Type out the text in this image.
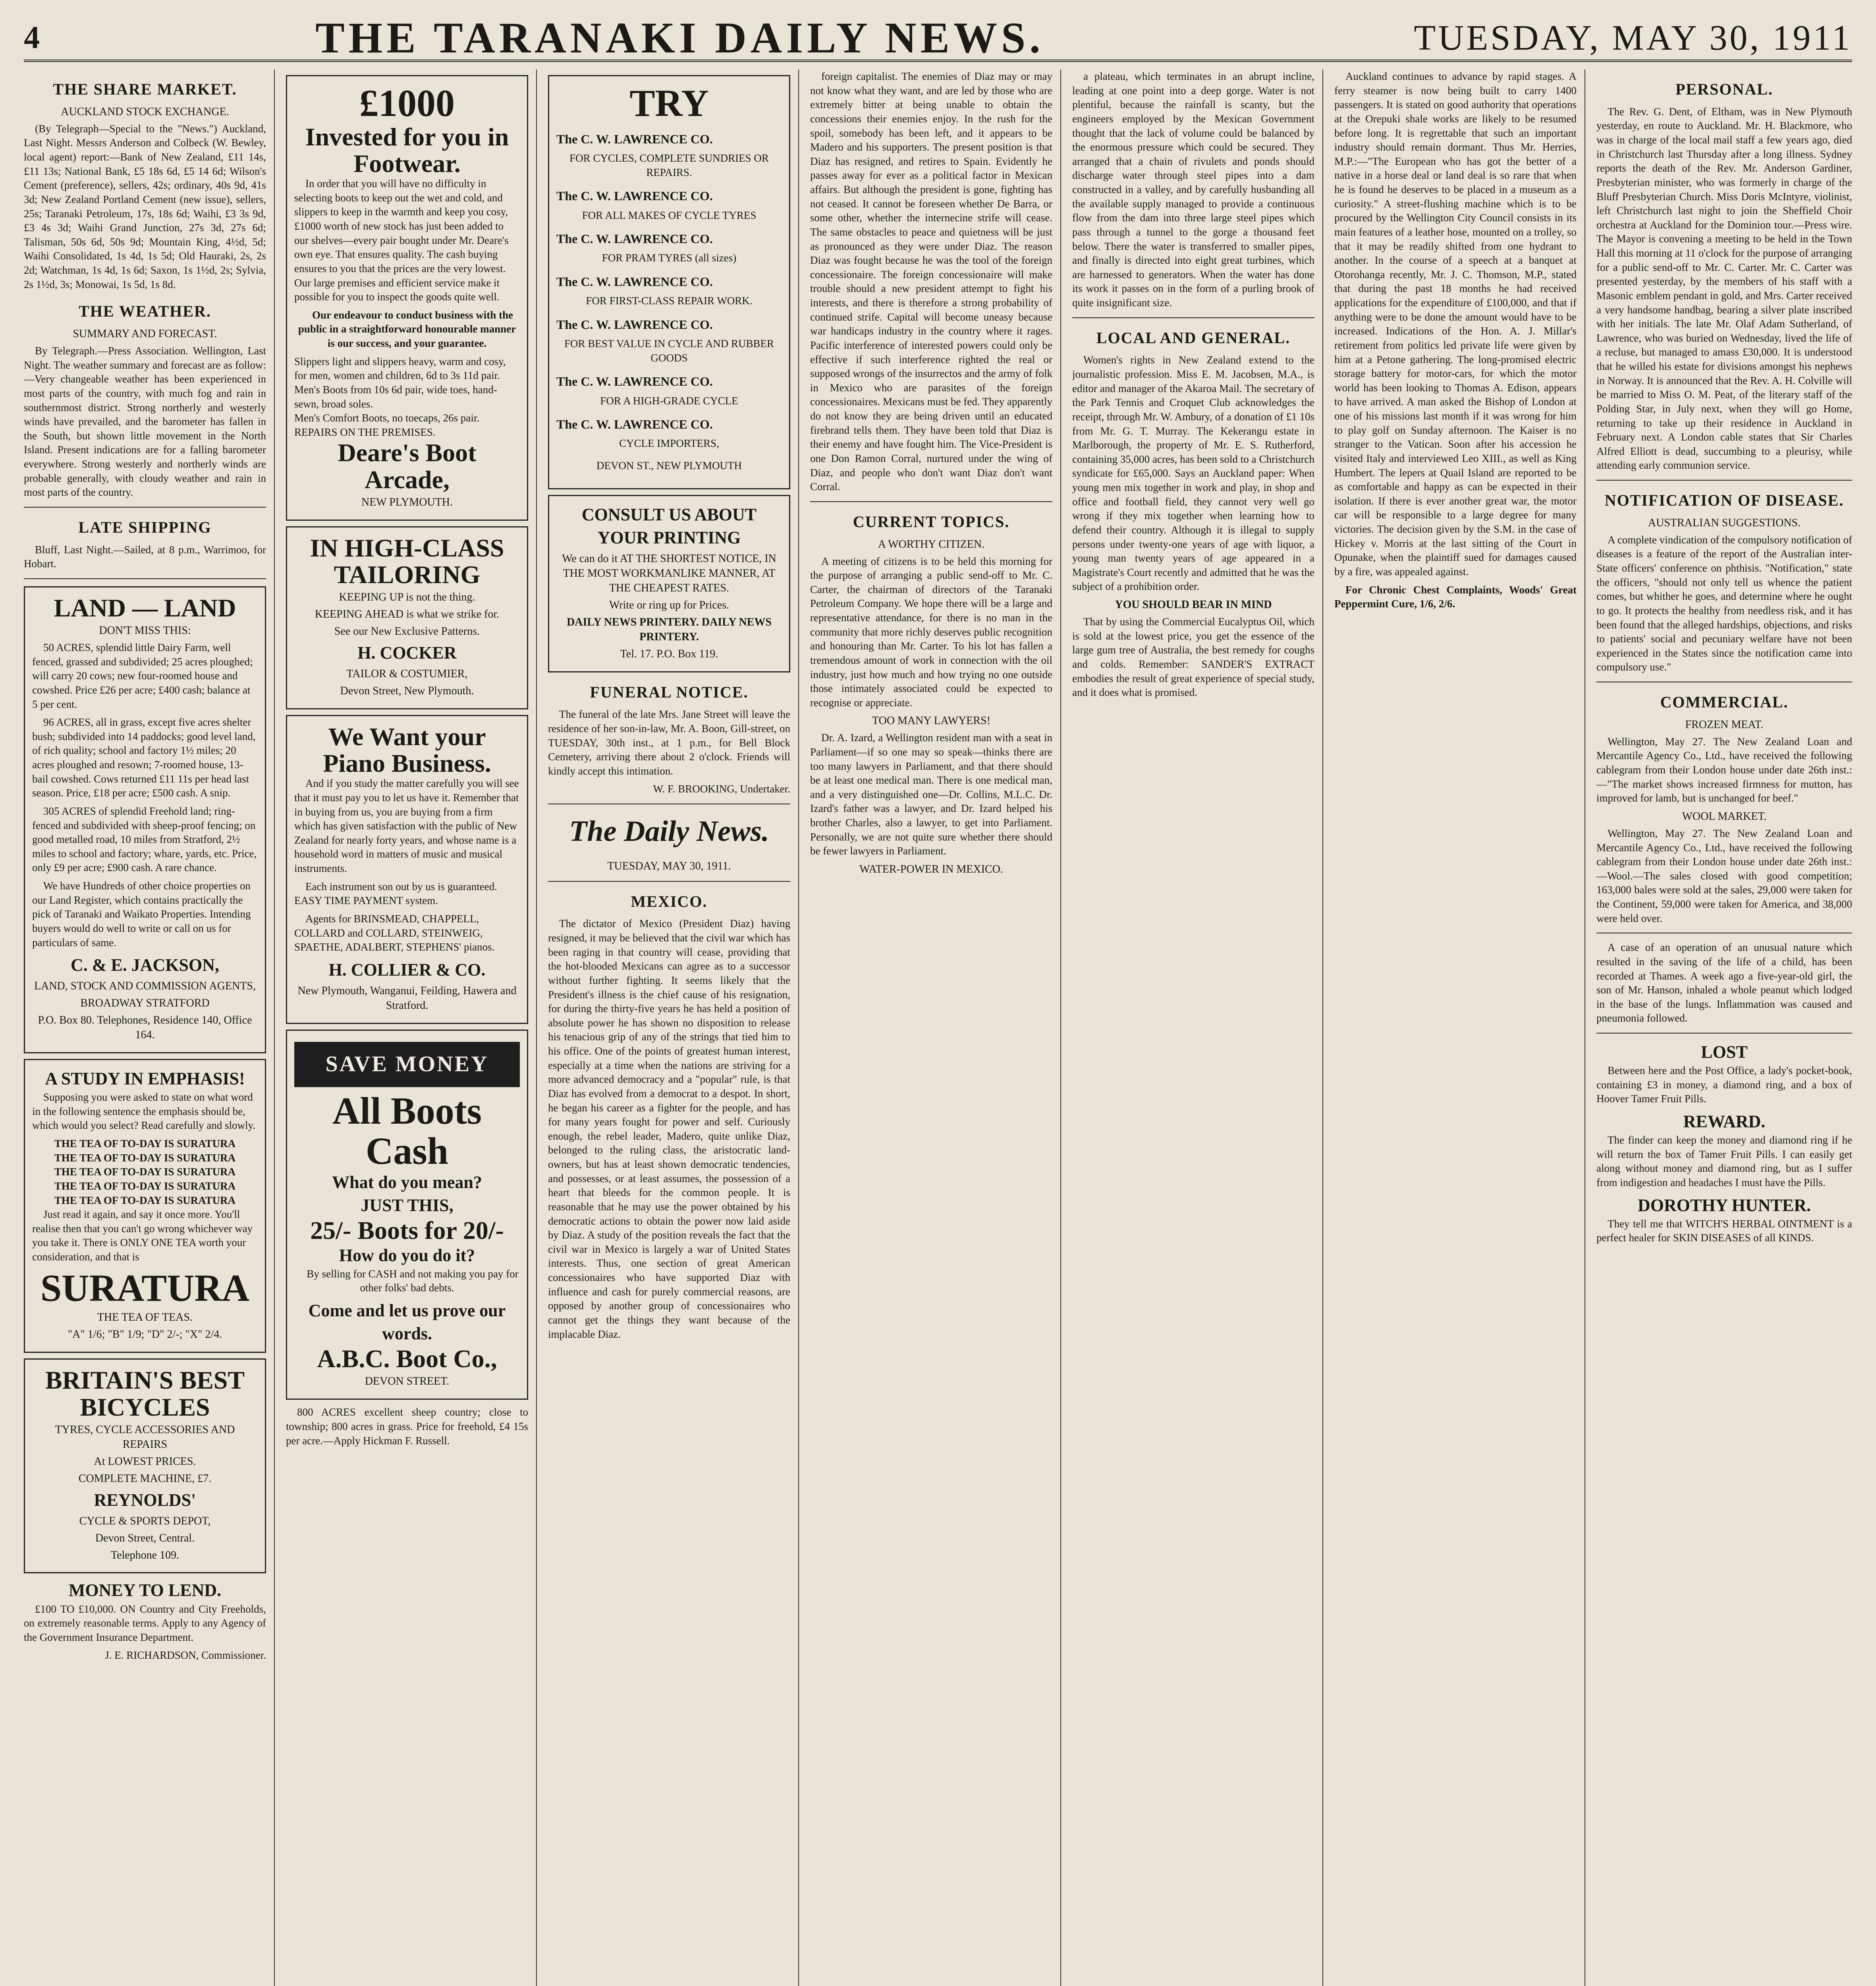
4	THE TARANAKI DAILY NEWS.	TUESDAY, MAY 30, 1911
THE SHARE MARKET.
AUCKLAND STOCK EXCHANGE.

(By Telegraph—Special to the "News.") Auckland, Last Night. Messrs Anderson and Colbeck (W. Bewley, local agent) report:—Bank of New Zealand, £11 14s, £11 13s; National Bank, £5 18s 6d, £5 14 6d; Wilson's Cement (preference), sellers, 42s; ordinary, 40s 9d, 41s 3d; New Zealand Portland Cement (new issue), sellers, 25s; Taranaki Petroleum, 17s, 18s 6d; Waihi, £3 3s 9d, £3 4s 3d; Waihi Grand Junction, 27s 3d, 27s 6d; Talisman, 50s 6d, 50s 9d; Mountain King, 4½d, 5d; Waihi Consolidated, 1s 4d, 1s 5d; Old Hauraki, 2s, 2s 2d; Watchman, 1s 4d, 1s 6d; Saxon, 1s 1½d, 2s; Sylvia, 2s 1½d, 3s; Monowai, 1s 5d, 1s 8d.

THE WEATHER.
SUMMARY AND FORECAST.

By Telegraph.—Press Association. Wellington, Last Night. The weather summary and forecast are as follow:—Very changeable weather has been experienced in most parts of the country, with much fog and rain in southernmost district. Strong northerly and westerly winds have prevailed, and the barometer has fallen in the South, but shown little movement in the North Island. Present indications are for a falling barometer everywhere. Strong westerly and northerly winds are probable generally, with cloudy weather and rain in most parts of the country.

LATE SHIPPING

Bluff, Last Night.—Sailed, at 8 p.m., Warrimoo, for Hobart.

LAND — LAND
DON'T MISS THIS:

50 ACRES, splendid little Dairy Farm, well fenced, grassed and subdivided; 25 acres ploughed; will carry 20 cows; new four-roomed house and cowshed. Price £26 per acre; £400 cash; balance at 5 per cent.

96 ACRES, all in grass, except five acres shelter bush; subdivided into 14 paddocks; good level land, of rich quality; school and factory 1½ miles; 20 acres ploughed and resown; 7-roomed house, 13-bail cowshed. Cows returned £11 11s per head last season. Price, £18 per acre; £500 cash. A snip.

305 ACRES of splendid Freehold land; ring-fenced and subdivided with sheep-proof fencing; on good metalled road, 10 miles from Stratford, 2½ miles to school and factory; whare, yards, etc. Price, only £9 per acre; £900 cash. A rare chance.

We have Hundreds of other choice properties on our Land Register, which contains practically the pick of Taranaki and Waikato Properties. Intending buyers would do well to write or call on us for particulars of same.

C. & E. JACKSON,
LAND, STOCK AND COMMISSION AGENTS,
BROADWAY STRATFORD
P.O. Box 80. Telephones, Residence 140, Office 164.
A STUDY IN EMPHASIS!

Supposing you were asked to state on what word in the following sentence the emphasis should be, which would you select? Read carefully and slowly.

THE TEA OF TO-DAY IS SURATURA
THE TEA OF TO-DAY IS SURATURA
THE TEA OF TO-DAY IS SURATURA
THE TEA OF TO-DAY IS SURATURA
THE TEA OF TO-DAY IS SURATURA

Just read it again, and say it once more. You'll realise then that you can't go wrong whichever way you take it. There is ONLY ONE TEA worth your consideration, and that is

SURATURA
THE TEA OF TEAS.
"A" 1/6; "B" 1/9; "D" 2/-; "X" 2/4.
BRITAIN'S BEST BICYCLES
TYRES, CYCLE ACCESSORIES AND REPAIRS
At LOWEST PRICES.
COMPLETE MACHINE, £7.
REYNOLDS'
CYCLE & SPORTS DEPOT,
Devon Street, Central.
Telephone 109.
MONEY TO LEND.

£100 TO £10,000. ON Country and City Freeholds, on extremely reasonable terms. Apply to any Agency of the Government Insurance Department.

J. E. RICHARDSON, Commissioner.
£1000
Invested for you in Footwear.

In order that you will have no difficulty in selecting boots to keep out the wet and cold, and slippers to keep in the warmth and keep you cosy, £1000 worth of new stock has just been added to our shelves—every pair bought under Mr. Deare's own eye. That ensures quality. The cash buying ensures to you that the prices are the very lowest. Our large premises and efficient service make it possible for you to inspect the goods quite well.

Our endeavour to conduct business with the public in a straightforward honourable manner is our success, and your guarantee.

Slippers light and slippers heavy, warm and cosy, for men, women and children, 6d to 3s 11d pair.
Men's Boots from 10s 6d pair, wide toes, hand-sewn, broad soles.
Men's Comfort Boots, no toecaps, 26s pair.
REPAIRS ON THE PREMISES.
Deare's Boot Arcade,
NEW PLYMOUTH.
IN HIGH-CLASS TAILORING
KEEPING UP is not the thing.
KEEPING AHEAD is what we strike for.
See our New Exclusive Patterns.
H. COCKER
TAILOR & COSTUMIER,
Devon Street, New Plymouth.
We Want your Piano Business.

And if you study the matter carefully you will see that it must pay you to let us have it. Remember that in buying from us, you are buying from a firm which has given satisfaction with the public of New Zealand for nearly forty years, and whose name is a household word in matters of music and musical instruments.

Each instrument son out by us is guaranteed. EASY TIME PAYMENT system.

Agents for BRINSMEAD, CHAPPELL, COLLARD and COLLARD, STEINWEIG, SPAETHE, ADALBERT, STEPHENS' pianos.

H. COLLIER & CO.
New Plymouth, Wanganui, Feilding, Hawera and Stratford.
SAVE MONEY
All Boots Cash
What do you mean?
JUST THIS,
25/- Boots for 20/-
How do you do it?

By selling for CASH and not making you pay for other folks' bad debts.

Come and let us prove our words.
A.B.C. Boot Co.,
DEVON STREET.

800 ACRES excellent sheep country; close to township; 800 acres in grass. Price for freehold, £4 15s per acre.—Apply Hickman F. Russell.

TRY
The C. W. LAWRENCE CO.
FOR CYCLES, COMPLETE SUNDRIES OR REPAIRS.
The C. W. LAWRENCE CO.
FOR ALL MAKES OF CYCLE TYRES
The C. W. LAWRENCE CO.
FOR PRAM TYRES (all sizes)
The C. W. LAWRENCE CO.
FOR FIRST-CLASS REPAIR WORK.
The C. W. LAWRENCE CO.
FOR BEST VALUE IN CYCLE AND RUBBER GOODS
The C. W. LAWRENCE CO.
FOR A HIGH-GRADE CYCLE
The C. W. LAWRENCE CO.
CYCLE IMPORTERS,
DEVON ST., NEW PLYMOUTH
CONSULT US ABOUT YOUR PRINTING
We can do it AT THE SHORTEST NOTICE, IN THE MOST WORKMANLIKE MANNER, AT THE CHEAPEST RATES.
Write or ring up for Prices.
DAILY NEWS PRINTERY. DAILY NEWS PRINTERY.
Tel. 17. P.O. Box 119.
FUNERAL NOTICE.

The funeral of the late Mrs. Jane Street will leave the residence of her son-in-law, Mr. A. Boon, Gill-street, on TUESDAY, 30th inst., at 1 p.m., for Bell Block Cemetery, arriving there about 2 o'clock. Friends will kindly accept this intimation.

W. F. BROOKING, Undertaker.
The Daily News.
TUESDAY, MAY 30, 1911.
MEXICO.

The dictator of Mexico (President Diaz) having resigned, it may be believed that the civil war which has been raging in that country will cease, providing that the hot-blooded Mexicans can agree as to a successor without further fighting. It seems likely that the President's illness is the chief cause of his resignation, for during the thirty-five years he has held a position of absolute power he has shown no disposition to release his tenacious grip of any of the strings that tied him to his office. One of the points of greatest human interest, especially at a time when the nations are striving for a more advanced democracy and a "popular" rule, is that Diaz has evolved from a democrat to a despot. In short, he began his career as a fighter for the people, and has for many years fought for power and self. Curiously enough, the rebel leader, Madero, quite unlike Diaz, belonged to the ruling class, the aristocratic land-owners, but has at least shown democratic tendencies, and possesses, or at least assumes, the possession of a heart that bleeds for the common people. It is reasonable that he may use the power obtained by his democratic actions to obtain the power now laid aside by Diaz. A study of the position reveals the fact that the civil war in Mexico is largely a war of United States interests. Thus, one section of great American concessionaires who have supported Diaz with influence and cash for purely commercial reasons, are opposed by another group of concessionaires who cannot get the things they want because of the implacable Diaz.

foreign capitalist. The enemies of Diaz may or may not know what they want, and are led by those who are extremely bitter at being unable to obtain the concessions their enemies enjoy. In the rush for the spoil, somebody has been left, and it appears to be Madero and his supporters. The present position is that Diaz has resigned, and retires to Spain. Evidently he passes away for ever as a political factor in Mexican affairs. But although the president is gone, fighting has not ceased. It cannot be foreseen whether De Barra, or some other, whether the internecine strife will cease. The same obstacles to peace and quietness will be just as pronounced as they were under Diaz. The reason Diaz was fought because he was the tool of the foreign concessionaire. The foreign concessionaire will make trouble should a new president attempt to fight his interests, and there is therefore a strong probability of continued strife. Capital will become uneasy because war handicaps industry in the country where it rages. Pacific interference of interested powers could only be effective if such interference righted the real or supposed wrongs of the insurrectos and the army of folk in Mexico who are parasites of the foreign concessionaires. Mexicans must be fed. They apparently do not know they are being driven until an educated firebrand tells them. They have been told that Diaz is their enemy and have fought him. The Vice-President is one Don Ramon Corral, nurtured under the wing of Diaz, and people who don't want Diaz don't want Corral.

CURRENT TOPICS.
A WORTHY CITIZEN.

A meeting of citizens is to be held this morning for the purpose of arranging a public send-off to Mr. C. Carter, the chairman of directors of the Taranaki Petroleum Company. We hope there will be a large and representative attendance, for there is no man in the community that more richly deserves public recognition and honouring than Mr. Carter. To his lot has fallen a tremendous amount of work in connection with the oil industry, just how much and how trying no one outside those intimately associated could be expected to recognise or appreciate.

TOO MANY LAWYERS!

Dr. A. Izard, a Wellington resident man with a seat in Parliament—if so one may so speak—thinks there are too many lawyers in Parliament, and that there should be at least one medical man. There is one medical man, and a very distinguished one—Dr. Collins, M.L.C. Dr. Izard's father was a lawyer, and Dr. Izard helped his brother Charles, also a lawyer, to get into Parliament. Personally, we are not quite sure whether there should be fewer lawyers in Parliament.

WATER-POWER IN MEXICO.

a plateau, which terminates in an abrupt incline, leading at one point into a deep gorge. Water is not plentiful, because the rainfall is scanty, but the engineers employed by the Mexican Government thought that the lack of volume could be balanced by the enormous pressure which could be secured. They arranged that a chain of rivulets and ponds should discharge water through steel pipes into a dam constructed in a valley, and by carefully husbanding all the available supply managed to provide a continuous flow from the dam into three large steel pipes which pass through a tunnel to the gorge a thousand feet below. There the water is transferred to smaller pipes, and finally is directed into eight great turbines, which are harnessed to generators. When the water has done its work it passes on in the form of a purling brook of quite insignificant size.

LOCAL AND GENERAL.

Women's rights in New Zealand extend to the journalistic profession. Miss E. M. Jacobsen, M.A., is editor and manager of the Akaroa Mail. The secretary of the Park Tennis and Croquet Club acknowledges the receipt, through Mr. W. Ambury, of a donation of £1 10s from Mr. G. T. Murray. The Kekerangu estate in Marlborough, the property of Mr. E. S. Rutherford, containing 35,000 acres, has been sold to a Christchurch syndicate for £65,000. Says an Auckland paper: When young men mix together in work and play, in shop and office and football field, they cannot very well go wrong if they mix together when learning how to defend their country. Although it is illegal to supply persons under twenty-one years of age with liquor, a young man twenty years of age appeared in a Magistrate's Court recently and admitted that he was the subject of a prohibition order.

YOU SHOULD BEAR IN MIND

That by using the Commercial Eucalyptus Oil, which is sold at the lowest price, you get the essence of the large gum tree of Australia, the best remedy for coughs and colds. Remember: SANDER'S EXTRACT embodies the result of great experience of special study, and it does what is promised.

Auckland continues to advance by rapid stages. A ferry steamer is now being built to carry 1400 passengers. It is stated on good authority that operations at the Orepuki shale works are likely to be resumed before long. It is regrettable that such an important industry should remain dormant. Thus Mr. Herries, M.P.:—"The European who has got the better of a native in a horse deal or land deal is so rare that when he is found he deserves to be placed in a museum as a curiosity." A street-flushing machine which is to be procured by the Wellington City Council consists in its main features of a leather hose, mounted on a trolley, so that it may be readily shifted from one hydrant to another. In the course of a speech at a banquet at Otorohanga recently, Mr. J. C. Thomson, M.P., stated that during the past 18 months he had received applications for the expenditure of £100,000, and that if anything were to be done the amount would have to be increased. Indications of the Hon. A. J. Millar's retirement from politics led private life were given by him at a Petone gathering. The long-promised electric storage battery for motor-cars, for which the motor world has been looking to Thomas A. Edison, appears to have arrived. A man asked the Bishop of London at one of his missions last month if it was wrong for him to play golf on Sunday afternoon. The Kaiser is no stranger to the Vatican. Soon after his accession he visited Italy and interviewed Leo XIII., as well as King Humbert. The lepers at Quail Island are reported to be as comfortable and happy as can be expected in their isolation. If there is ever another great war, the motor car will be responsible to a large degree for many victories. The decision given by the S.M. in the case of Hickey v. Morris at the last sitting of the Court in Opunake, when the plaintiff sued for damages caused by a fire, was appealed against.

For Chronic Chest Complaints, Woods' Great Peppermint Cure, 1/6, 2/6.

PERSONAL.

The Rev. G. Dent, of Eltham, was in New Plymouth yesterday, en route to Auckland. Mr. H. Blackmore, who was in charge of the local mail staff a few years ago, died in Christchurch last Thursday after a long illness. Sydney reports the death of the Rev. Mr. Anderson Gardiner, Presbyterian minister, who was formerly in charge of the Bluff Presbyterian Church. Miss Doris McIntyre, violinist, left Christchurch last night to join the Sheffield Choir orchestra at Auckland for the Dominion tour.—Press wire. The Mayor is convening a meeting to be held in the Town Hall this morning at 11 o'clock for the purpose of arranging for a public send-off to Mr. C. Carter. Mr. C. Carter was presented yesterday, by the members of his staff with a Masonic emblem pendant in gold, and Mrs. Carter received a very handsome handbag, bearing a silver plate inscribed with her initials. The late Mr. Olaf Adam Sutherland, of Lawrence, who was buried on Wednesday, lived the life of a recluse, but managed to amass £30,000. It is understood that he willed his estate for divisions amongst his nephews in Norway. It is announced that the Rev. A. H. Colville will be married to Miss O. M. Peat, of the literary staff of the Polding Star, in July next, when they will go Home, returning to take up their residence in Auckland in February next. A London cable states that Sir Charles Alfred Elliott is dead, succumbing to a pleurisy, while attending early communion service.

NOTIFICATION OF DISEASE.
AUSTRALIAN SUGGESTIONS.

A complete vindication of the compulsory notification of diseases is a feature of the report of the Australian inter-State officers' conference on phthisis. "Notification," state the officers, "should not only tell us whence the patient comes, but whither he goes, and determine where he ought to go. It protects the healthy from needless risk, and it has been found that the alleged hardships, objections, and risks to patients' social and pecuniary welfare have not been experienced in the States since the notification came into compulsory use."

COMMERCIAL.
FROZEN MEAT.

Wellington, May 27. The New Zealand Loan and Mercantile Agency Co., Ltd., have received the following cablegram from their London house under date 26th inst.:—"The market shows increased firmness for mutton, has improved for lamb, but is unchanged for beef."

WOOL MARKET.

Wellington, May 27. The New Zealand Loan and Mercantile Agency Co., Ltd., have received the following cablegram from their London house under date 26th inst.:—Wool.—The sales closed with good competition; 163,000 bales were sold at the sales, 29,000 were taken for the Continent, 59,000 were taken for America, and 38,000 were held over.

A case of an operation of an unusual nature which resulted in the saving of the life of a child, has been recorded at Thames. A week ago a five-year-old girl, the son of Mr. Hanson, inhaled a whole peanut which lodged in the base of the lungs. Inflammation was caused and pneumonia followed.

LOST

Between here and the Post Office, a lady's pocket-book, containing £3 in money, a diamond ring, and a box of Hoover Tamer Fruit Pills.

REWARD.

The finder can keep the money and diamond ring if he will return the box of Tamer Fruit Pills. I can easily get along without money and diamond ring, but as I suffer from indigestion and headaches I must have the Pills.

DOROTHY HUNTER.

They tell me that WITCH'S HERBAL OINTMENT is a perfect healer for SKIN DISEASES of all KINDS.
